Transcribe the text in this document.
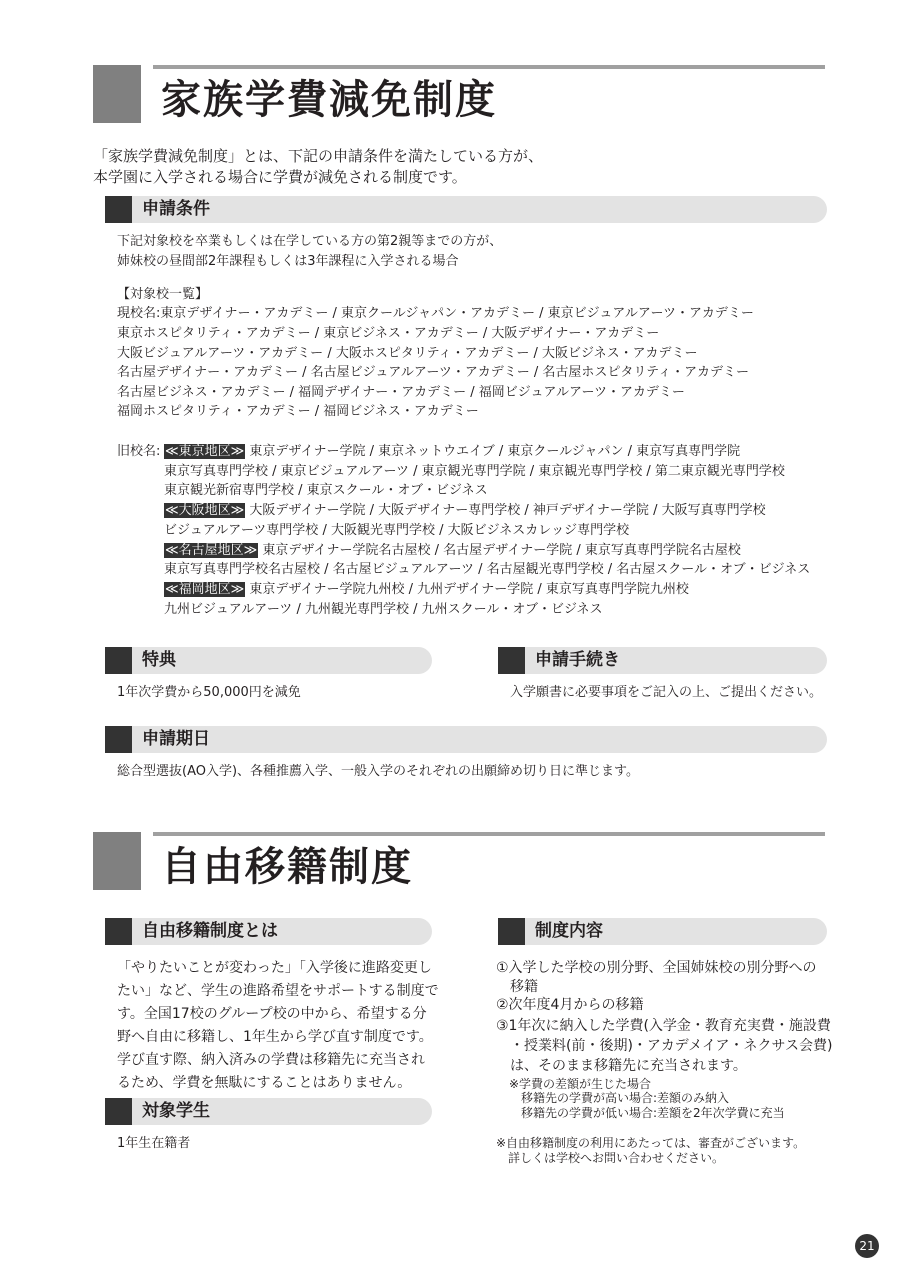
家族学費減免制度
「家族学費減免制度」とは、下記の申請条件を満たしている方が、
本学園に入学される場合に学費が減免される制度です。
申請条件
下記対象校を卒業もしくは在学している方の第2親等までの方が、
姉妹校の昼間部2年課程もしくは3年課程に入学される場合
【対象校一覧】
現校名:東京デザイナー・アカデミー / 東京クールジャパン・アカデミー / 東京ビジュアルアーツ・アカデミー
東京ホスピタリティ・アカデミー / 東京ビジネス・アカデミー / 大阪デザイナー・アカデミー
大阪ビジュアルアーツ・アカデミー / 大阪ホスピタリティ・アカデミー / 大阪ビジネス・アカデミー
名古屋デザイナー・アカデミー / 名古屋ビジュアルアーツ・アカデミー / 名古屋ホスピタリティ・アカデミー
名古屋ビジネス・アカデミー / 福岡デザイナー・アカデミー / 福岡ビジュアルアーツ・アカデミー
福岡ホスピタリティ・アカデミー / 福岡ビジネス・アカデミー
旧校名: ≪東京地区≫ 東京デザイナー学院 / 東京ネットウエイブ / 東京クールジャパン / 東京写真専門学院
東京写真専門学校 / 東京ビジュアルアーツ / 東京観光専門学院 / 東京観光専門学校 / 第二東京観光専門学校
東京観光新宿専門学校 / 東京スクール・オブ・ビジネス
≪大阪地区≫ 大阪デザイナー学院 / 大阪デザイナー専門学校 / 神戸デザイナー学院 / 大阪写真専門学校
ビジュアルアーツ専門学校 / 大阪観光専門学校 / 大阪ビジネスカレッジ専門学校
≪名古屋地区≫ 東京デザイナー学院名古屋校 / 名古屋デザイナー学院 / 東京写真専門学院名古屋校
東京写真専門学校名古屋校 / 名古屋ビジュアルアーツ / 名古屋観光専門学校 / 名古屋スクール・オブ・ビジネス
≪福岡地区≫ 東京デザイナー学院九州校 / 九州デザイナー学院 / 東京写真専門学院九州校
九州ビジュアルアーツ / 九州観光専門学校 / 九州スクール・オブ・ビジネス
特典
1年次学費から50,000円を減免
申請手続き
入学願書に必要事項をご記入の上、ご提出ください。
申請期日
総合型選抜(AO入学)、各種推薦入学、一般入学のそれぞれの出願締め切り日に準じます。
自由移籍制度
自由移籍制度とは
「やりたいことが変わった」「入学後に進路変更し
たい」など、学生の進路希望をサポートする制度で
す。全国17校のグループ校の中から、希望する分
野へ自由に移籍し、1年生から学び直す制度です。
学び直す際、納入済みの学費は移籍先に充当され
るため、学費を無駄にすることはありません。
対象学生
1年生在籍者
制度内容
①入学した学校の別分野、全国姉妹校の別分野への
　移籍
②次年度4月からの移籍
③1年次に納入した学費(入学金・教育充実費・施設費
　・授業料(前・後期)・アカデメイア・ネクサス会費)
　は、そのまま移籍先に充当されます。
※学費の差額が生じた場合
　移籍先の学費が高い場合:差額のみ納入
　移籍先の学費が低い場合:差額を2年次学費に充当
※自由移籍制度の利用にあたっては、審査がございます。
　詳しくは学校へお問い合わせください。
21
